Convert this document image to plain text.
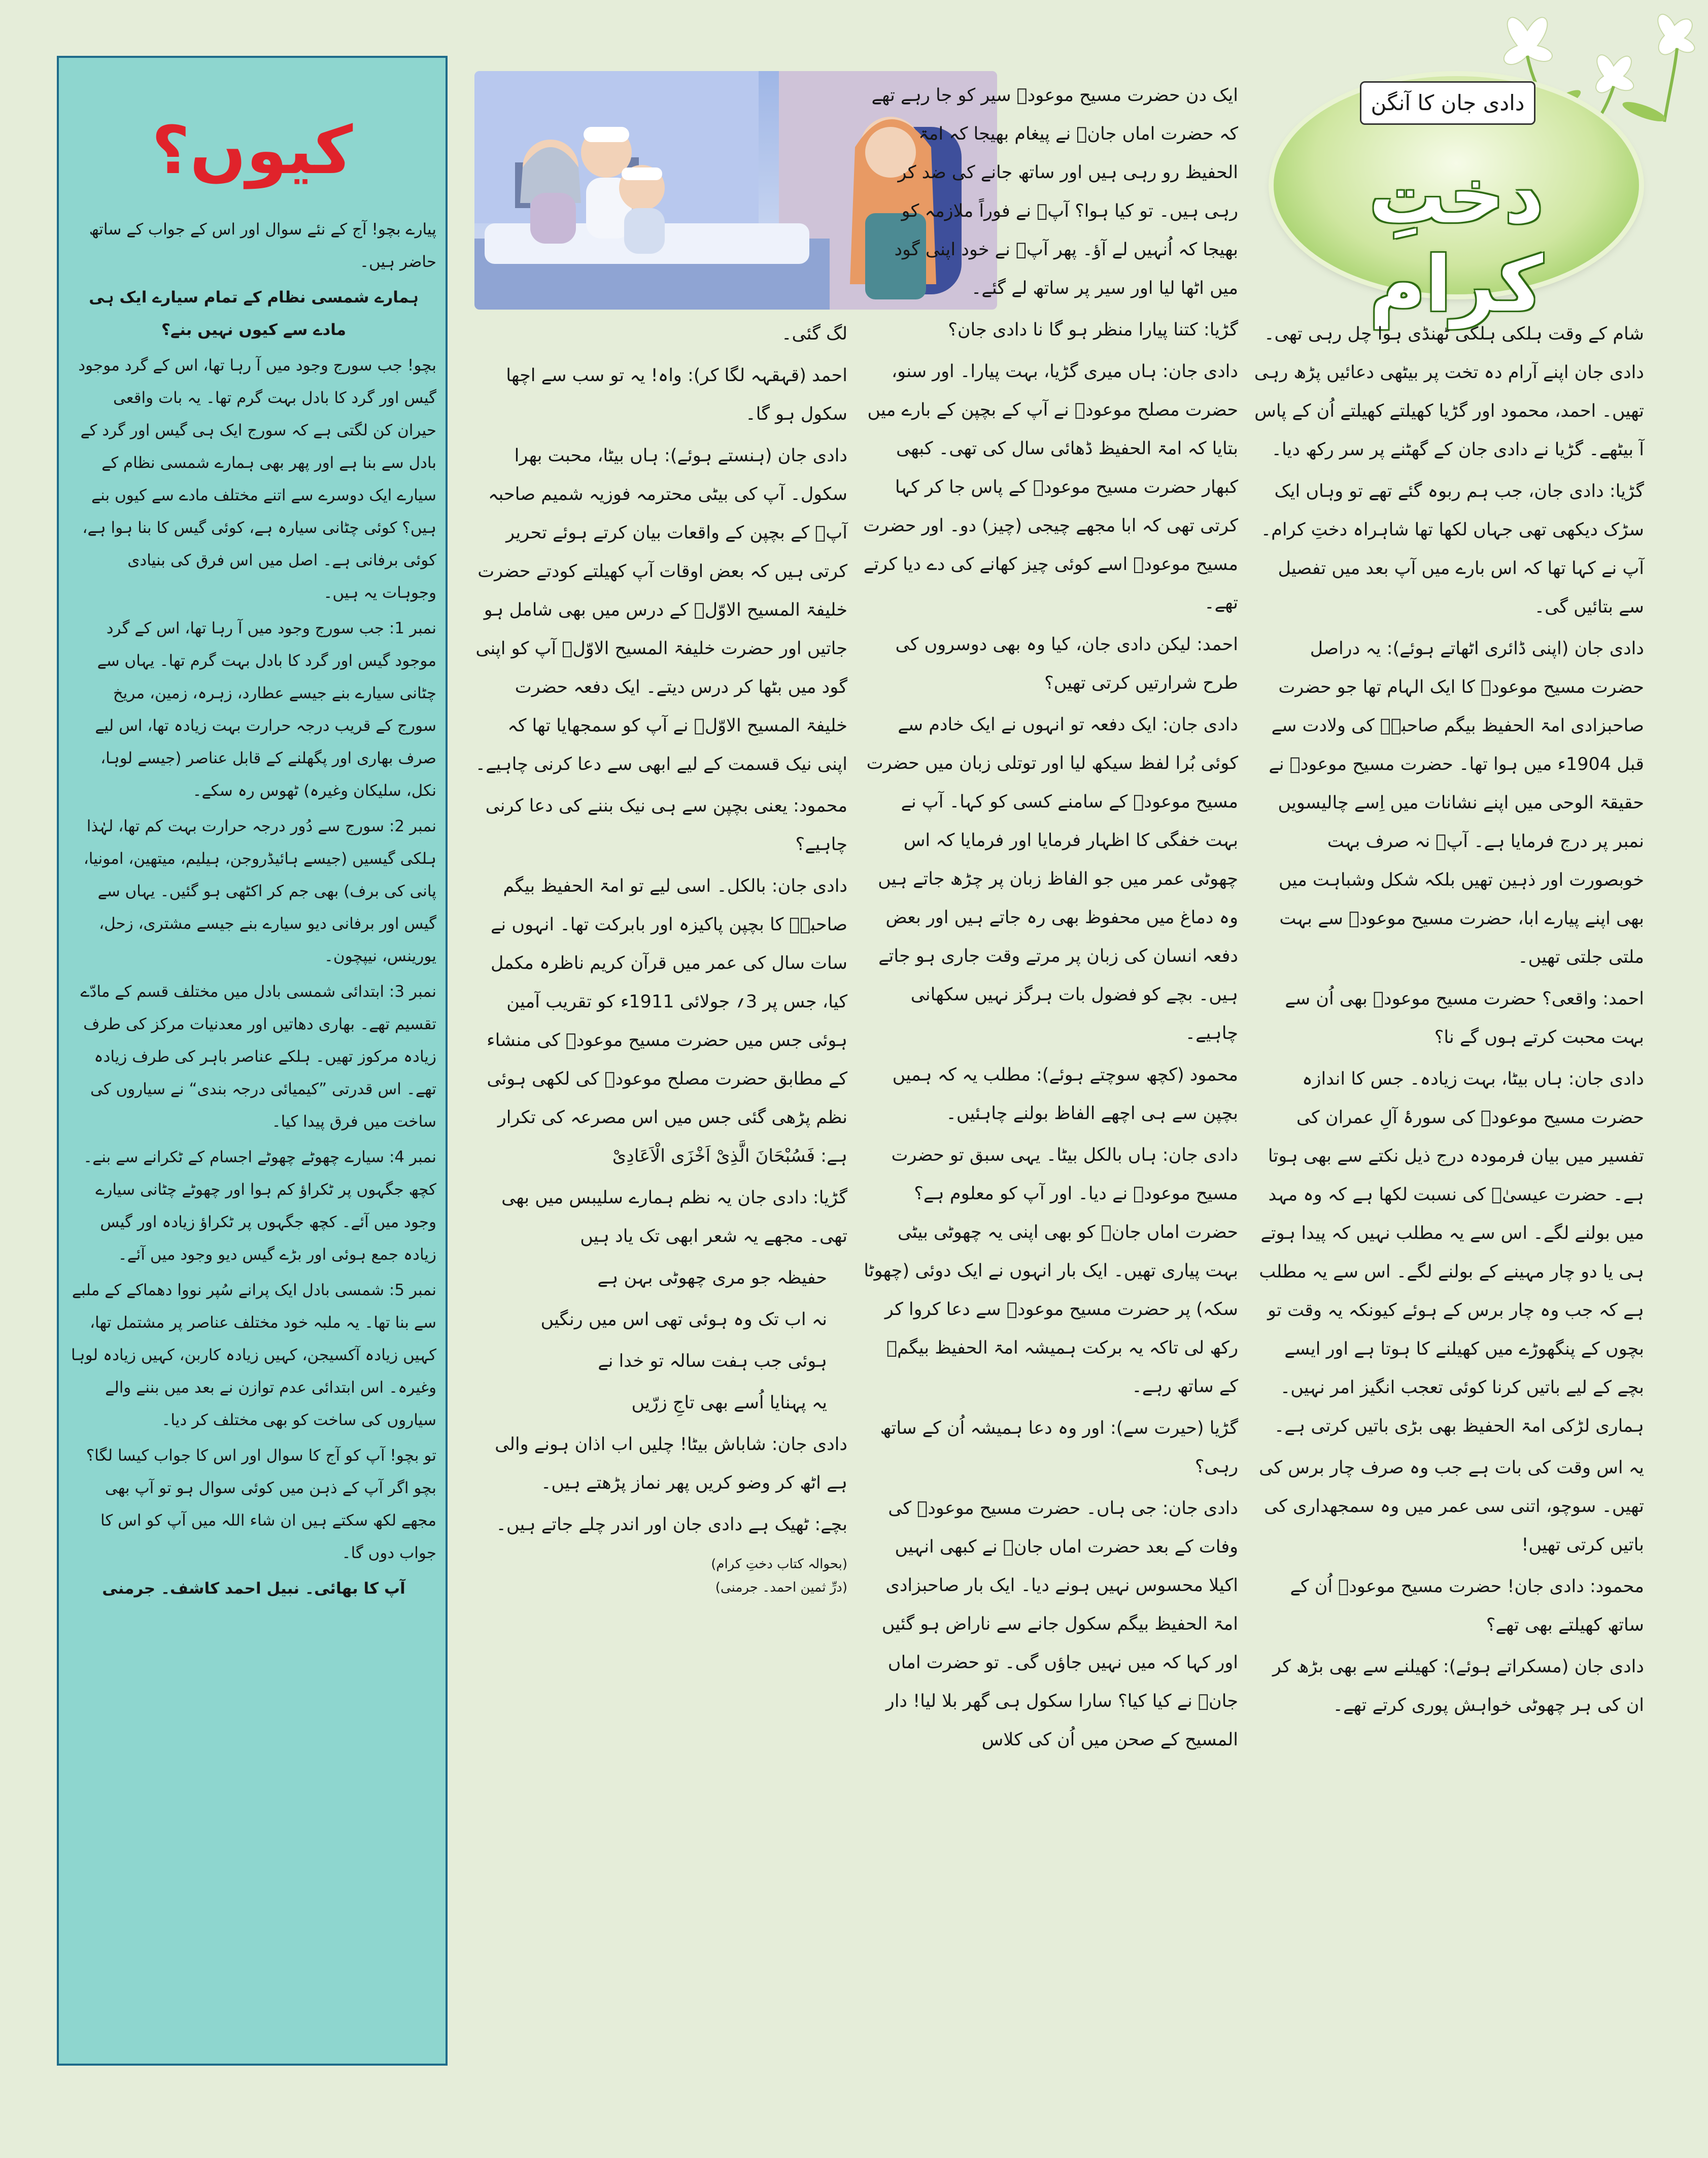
دادی جان کا آنگن
دختِ کرام

شام کے وقت ہلکی ہلکی ٹھنڈی ہوا چل رہی تھی۔ دادی جان اپنے آرام دہ تخت پر بیٹھی دعائیں پڑھ رہی تھیں۔ احمد، محمود اور گڑیا کھیلتے کھیلتے اُن کے پاس آ بیٹھے۔ گڑیا نے دادی جان کے گھٹنے پر سر رکھ دیا۔

گڑیا: دادی جان، جب ہم ربوہ گئے تھے تو وہاں ایک سڑک دیکھی تھی جہاں لکھا تھا شاہراہ دختِ کرام۔ آپ نے کہا تھا کہ اس بارے میں آپ بعد میں تفصیل سے بتائیں گی۔

دادی جان (اپنی ڈائری اٹھاتے ہوئے): یہ دراصل حضرت مسیح موعودؑ کا ایک الہام تھا جو حضرت صاحبزادی امۃ الحفیظ بیگم صاحبہؓ کی ولادت سے قبل 1904ء میں ہوا تھا۔ حضرت مسیح موعودؑ نے حقیقۃ الوحی میں اپنے نشانات میں اِسے چالیسویں نمبر پر درج فرمایا ہے۔ آپؓ نہ صرف بہت خوبصورت اور ذہین تھیں بلکہ شکل وشباہت میں بھی اپنے پیارے ابا، حضرت مسیح موعودؑ سے بہت ملتی جلتی تھیں۔

احمد: واقعی؟ حضرت مسیح موعودؑ بھی اُن سے بہت محبت کرتے ہوں گے نا؟

دادی جان: ہاں بیٹا، بہت زیادہ۔ جس کا اندازہ حضرت مسیح موعودؑ کی سورۂ آلِ عمران کی تفسیر میں بیان فرمودہ درج ذیل نکتے سے بھی ہوتا ہے۔ حضرت عیسیٰؑ کی نسبت لکھا ہے کہ وہ مہد میں بولنے لگے۔ اس سے یہ مطلب نہیں کہ پیدا ہوتے ہی یا دو چار مہینے کے بولنے لگے۔ اس سے یہ مطلب ہے کہ جب وہ چار برس کے ہوئے کیونکہ یہ وقت تو بچوں کے پنگھوڑے میں کھیلنے کا ہوتا ہے اور ایسے بچے کے لیے باتیں کرنا کوئی تعجب انگیز امر نہیں۔ ہماری لڑکی امۃ الحفیظ بھی بڑی باتیں کرتی ہے۔

یہ اس وقت کی بات ہے جب وہ صرف چار برس کی تھیں۔ سوچو، اتنی سی عمر میں وہ سمجھداری کی باتیں کرتی تھیں!

محمود: دادی جان! حضرت مسیح موعودؑ اُن کے ساتھ کھیلتے بھی تھے؟

دادی جان (مسکراتے ہوئے): کھیلنے سے بھی بڑھ کر ان کی ہر چھوٹی خواہش پوری کرتے تھے۔

ایک دن حضرت مسیح موعودؑ سیر کو جا رہے تھے کہ حضرت اماں جانؓ نے پیغام بھیجا کہ امۃ الحفیظ رو رہی ہیں اور ساتھ جانے کی ضد کر رہی ہیں۔ تو کیا ہوا؟ آپؑ نے فوراً ملازمہ کو بھیجا کہ اُنہیں لے آؤ۔ پھر آپؑ نے خود اپنی گود میں اٹھا لیا اور سیر پر ساتھ لے گئے۔

گڑیا: کتنا پیارا منظر ہو گا نا دادی جان؟

دادی جان: ہاں میری گڑیا، بہت پیارا۔ اور سنو، حضرت مصلح موعودؓ نے آپ کے بچپن کے بارے میں بتایا کہ امۃ الحفیظ ڈھائی سال کی تھی۔ کبھی کبھار حضرت مسیح موعودؑ کے پاس جا کر کہا کرتی تھی کہ ابا مجھے چیجی (چیز) دو۔ اور حضرت مسیح موعودؑ اسے کوئی چیز کھانے کی دے دیا کرتے تھے۔

احمد: لیکن دادی جان، کیا وہ بھی دوسروں کی طرح شرارتیں کرتی تھیں؟

دادی جان: ایک دفعہ تو انہوں نے ایک خادم سے کوئی بُرا لفظ سیکھ لیا اور توتلی زبان میں حضرت مسیح موعودؑ کے سامنے کسی کو کہا۔ آپ نے بہت خفگی کا اظہار فرمایا اور فرمایا کہ اس چھوٹی عمر میں جو الفاظ زبان پر چڑھ جاتے ہیں وہ دماغ میں محفوظ بھی رہ جاتے ہیں اور بعض دفعہ انسان کی زبان پر مرتے وقت جاری ہو جاتے ہیں۔ بچے کو فضول بات ہرگز نہیں سکھانی چاہیے۔

محمود (کچھ سوچتے ہوئے): مطلب یہ کہ ہمیں بچپن سے ہی اچھے الفاظ بولنے چاہئیں۔

دادی جان: ہاں بالکل بیٹا۔ یہی سبق تو حضرت مسیح موعودؑ نے دیا۔ اور آپ کو معلوم ہے؟ حضرت اماں جانؓ کو بھی اپنی یہ چھوٹی بیٹی بہت پیاری تھیں۔ ایک بار انہوں نے ایک دوئی (چھوٹا سکہ) پر حضرت مسیح موعودؑ سے دعا کروا کر رکھ لی تاکہ یہ برکت ہمیشہ امۃ الحفیظ بیگمؓ کے ساتھ رہے۔

گڑیا (حیرت سے): اور وہ دعا ہمیشہ اُن کے ساتھ رہی؟

دادی جان: جی ہاں۔ حضرت مسیح موعودؑ کی وفات کے بعد حضرت اماں جانؓ نے کبھی انہیں اکیلا محسوس نہیں ہونے دیا۔ ایک بار صاحبزادی امۃ الحفیظ بیگم سکول جانے سے ناراض ہو گئیں اور کہا کہ میں نہیں جاؤں گی۔ تو حضرت اماں جانؓ نے کیا کیا؟ سارا سکول ہی گھر بلا لیا! دار المسیح کے صحن میں اُن کی کلاس

لگ گئی۔

احمد (قہقہہ لگا کر): واہ! یہ تو سب سے اچھا سکول ہو گا۔

دادی جان (ہنستے ہوئے): ہاں بیٹا، محبت بھرا سکول۔ آپ کی بیٹی محترمہ فوزیہ شمیم صاحبہ آپؓ کے بچپن کے واقعات بیان کرتے ہوئے تحریر کرتی ہیں کہ بعض اوقات آپ کھیلتے کودتے حضرت خلیفۃ المسیح الاوّلؓ کے درس میں بھی شامل ہو جاتیں اور حضرت خلیفۃ المسیح الاوّلؓ آپ کو اپنی گود میں بٹھا کر درس دیتے۔ ایک دفعہ حضرت خلیفۃ المسیح الاوّلؓ نے آپ کو سمجھایا تھا کہ اپنی نیک قسمت کے لیے ابھی سے دعا کرنی چاہیے۔

محمود: یعنی بچپن سے ہی نیک بننے کی دعا کرنی چاہیے؟

دادی جان: بالکل۔ اسی لیے تو امۃ الحفیظ بیگم صاحبہؓ کا بچپن پاکیزہ اور بابرکت تھا۔ انہوں نے سات سال کی عمر میں قرآن کریم ناظرہ مکمل کیا، جس پر 3؍ جولائی 1911ء کو تقریب آمین ہوئی جس میں حضرت مسیح موعودؑ کی منشاء کے مطابق حضرت مصلح موعودؓ کی لکھی ہوئی نظم پڑھی گئی جس میں اس مصرعہ کی تکرار ہے: فَسُبْحَانَ الَّذِیْ اَخْزَی الْاَعَادِیْ

گڑیا: دادی جان یہ نظم ہمارے سلیبس میں بھی تھی۔ مجھے یہ شعر ابھی تک یاد ہیں

حفیظہ جو مری چھوٹی بہن ہے

نہ اب تک وہ ہوئی تھی اس میں رنگیں

ہوئی جب ہفت سالہ تو خدا نے

یہ پہنایا اُسے بھی تاجِ زرّیں

دادی جان: شاباش بیٹا! چلیں اب اذان ہونے والی ہے اٹھ کر وضو کریں پھر نماز پڑھتے ہیں۔

بچے: ٹھیک ہے دادی جان اور اندر چلے جاتے ہیں۔

(بحوالہ کتاب دختِ کرام)

(درِّ ثمین احمد۔ جرمنی)

کیوں؟

پیارے بچو! آج کے نئے سوال اور اس کے جواب کے ساتھ حاضر ہیں۔

ہمارے شمسی نظام کے تمام سیارے ایک ہی مادے سے کیوں نہیں بنے؟

بچو! جب سورج وجود میں آ رہا تھا، اس کے گرد موجود گیس اور گرد کا بادل بہت گرم تھا۔ یہ بات واقعی حیران کن لگتی ہے کہ سورج ایک ہی گیس اور گرد کے بادل سے بنا ہے اور پھر بھی ہمارے شمسی نظام کے سیارے ایک دوسرے سے اتنے مختلف مادے سے کیوں بنے ہیں؟ کوئی چٹانی سیارہ ہے، کوئی گیس کا بنا ہوا ہے، کوئی برفانی ہے۔ اصل میں اس فرق کی بنیادی وجوہات یہ ہیں۔

نمبر 1: جب سورج وجود میں آ رہا تھا، اس کے گرد موجود گیس اور گرد کا بادل بہت گرم تھا۔ یہاں سے چٹانی سیارے بنے جیسے عطارد، زہرہ، زمین، مریخ سورج کے قریب درجہ حرارت بہت زیادہ تھا، اس لیے صرف بھاری اور پگھلنے کے قابل عناصر (جیسے لوہا، نکل، سلیکان وغیرہ) ٹھوس رہ سکے۔

نمبر 2: سورج سے دُور درجہ حرارت بہت کم تھا، لہٰذا ہلکی گیسیں (جیسے ہائیڈروجن، ہیلیم، میتھین، امونیا، پانی کی برف) بھی جم کر اکٹھی ہو گئیں۔ یہاں سے گیس اور برفانی دیو سیارے بنے جیسے مشتری، زحل، یورینس، نیپچون۔

نمبر 3: ابتدائی شمسی بادل میں مختلف قسم کے مادّے تقسیم تھے۔ بھاری دھاتیں اور معدنیات مرکز کی طرف زیادہ مرکوز تھیں۔ ہلکے عناصر باہر کی طرف زیادہ تھے۔ اس قدرتی ”کیمیائی درجہ بندی“ نے سیاروں کی ساخت میں فرق پیدا کیا۔

نمبر 4: سیارے چھوٹے چھوٹے اجسام کے ٹکرانے سے بنے۔ کچھ جگہوں پر ٹکراؤ کم ہوا اور چھوٹے چٹانی سیارے وجود میں آئے۔ کچھ جگہوں پر ٹکراؤ زیادہ اور گیس زیادہ جمع ہوئی اور بڑے گیس دیو وجود میں آئے۔

نمبر 5: شمسی بادل ایک پرانے سُپر نووا دھماکے کے ملبے سے بنا تھا۔ یہ ملبہ خود مختلف عناصر پر مشتمل تھا، کہیں زیادہ آکسیجن، کہیں زیادہ کاربن، کہیں زیادہ لوہا وغیرہ۔ اس ابتدائی عدم توازن نے بعد میں بننے والے سیاروں کی ساخت کو بھی مختلف کر دیا۔

تو بچو! آپ کو آج کا سوال اور اس کا جواب کیسا لگا؟ بچو اگر آپ کے ذہن میں کوئی سوال ہو تو آپ بھی مجھے لکھ سکتے ہیں ان شاء اللہ میں آپ کو اس کا جواب دوں گا۔

آپ کا بھائی۔ نبیل احمد کاشف۔ جرمنی
